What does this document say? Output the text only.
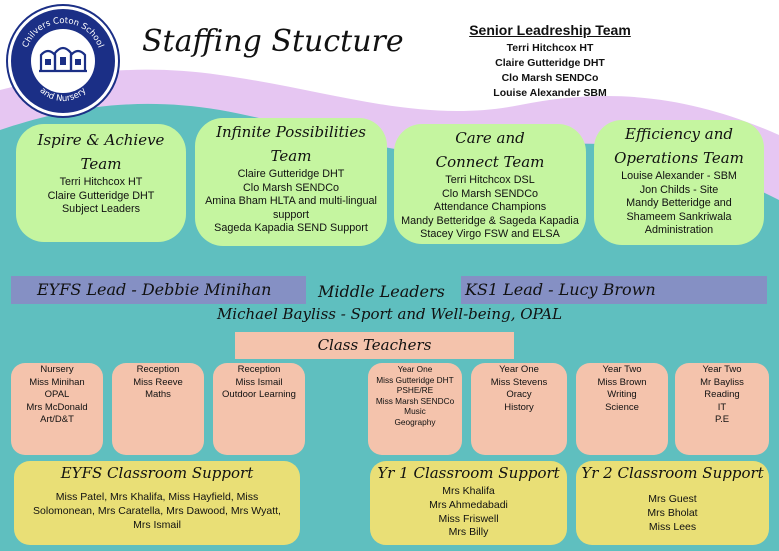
Chilvers Coton School
and Nursery
Staffing Stucture	Senior Leadreship Team
Terri Hitchcox HT
Claire Gutteridge DHT
Clo Marsh SENDCo
Louise Alexander SBM
Ispire & Achieve Team
Terri Hitchcox HT
Claire Gutteridge DHT
Subject Leaders
Infinite Possibilities Team
Claire Gutteridge DHT
Clo Marsh SENDCo
Amina Bham HLTA and multi-lingual support
Sageda Kapadia SEND Support
Care and Connect Team
Terri Hitchcox DSL
Clo Marsh SENDCo
Attendance Champions
Mandy Betteridge & Sageda Kapadia
Stacey Virgo FSW and ELSA
Efficiency and Operations Team
Louise Alexander - SBM
Jon Childs - Site
Mandy Betteridge and Shameem Sankriwala
Administration
EYFS Lead - Debbie Minihan	Middle Leaders KS1 Lead - Lucy Brown
Michael Bayliss - Sport and Well-being, OPAL
Class Teachers
Nursery
Miss Minihan
OPAL
Mrs McDonald
Art/D&T
Reception
Miss Reeve
Maths
Reception
Miss Ismail
Outdoor Learning
Year One
Miss Gutteridge DHT
PSHE/RE
Miss Marsh SENDCo
Music
Geography
Year One
Miss Stevens
Oracy
History
Year Two
Miss Brown
Writing
Science
Year Two
Mr Bayliss
Reading
IT
P.E
EYFS Classroom Support
Miss Patel, Mrs Khalifa, Miss Hayfield, Miss Solomonean, Mrs Caratella, Mrs Dawood, Mrs Wyatt, Mrs Ismail
Yr 1 Classroom Support
Mrs Khalifa
Mrs Ahmedabadi
Miss Friswell
Mrs Billy
Yr 2 Classroom Support
Mrs Guest
Mrs Bholat
Miss Lees
